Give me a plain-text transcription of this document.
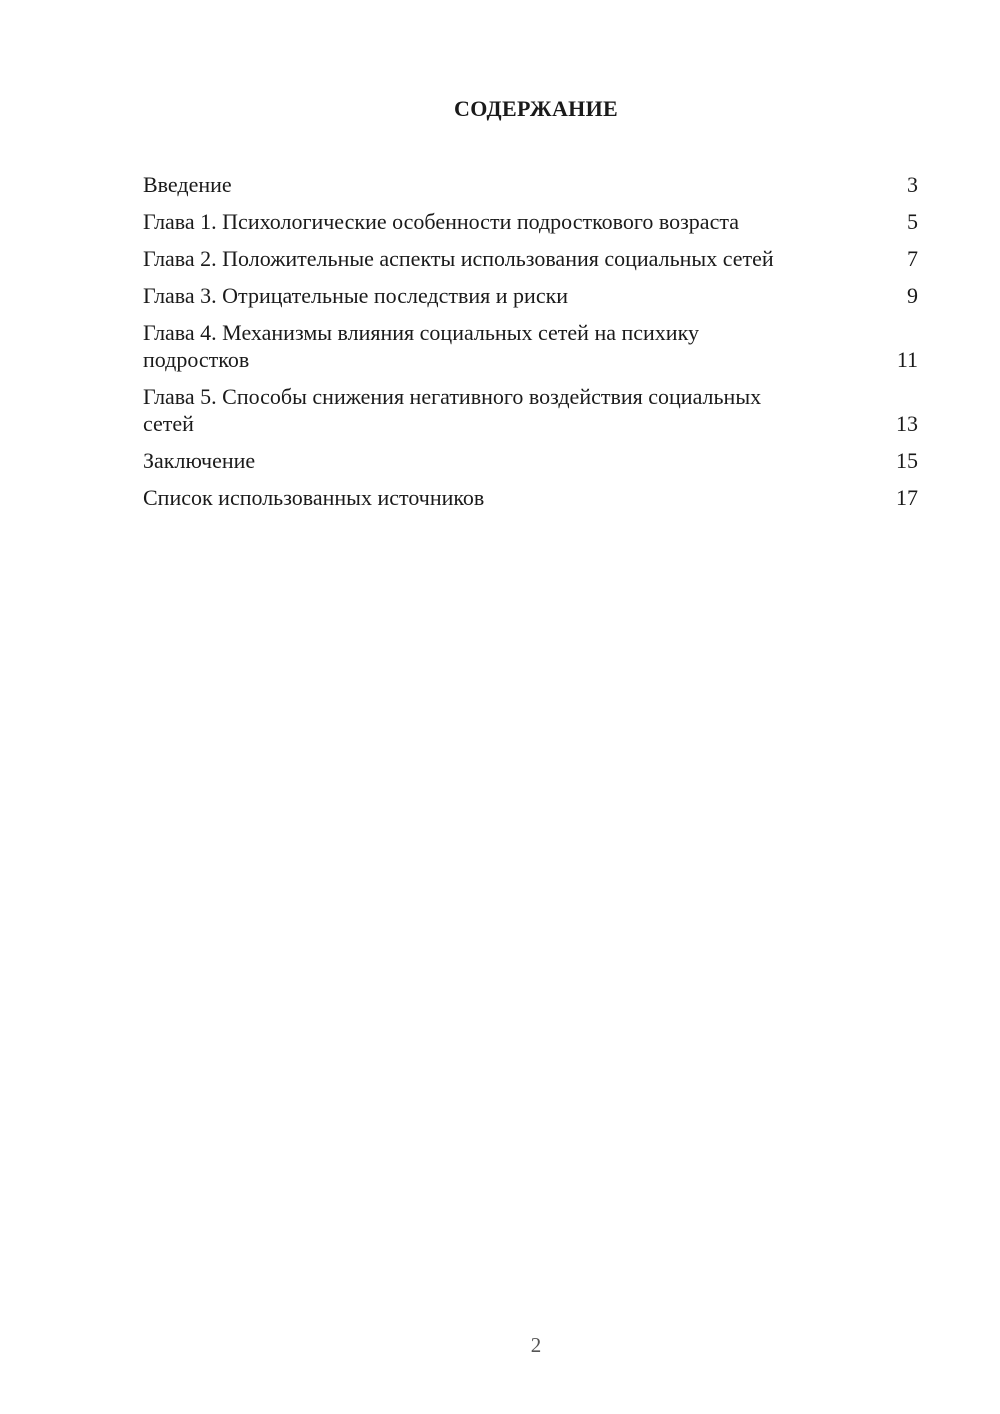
СОДЕРЖАНИЕ
Введение	3
Глава 1. Психологические особенности подросткового возраста	5
Глава 2. Положительные аспекты использования социальных сетей	7
Глава 3. Отрицательные последствия и риски	9
Глава 4. Механизмы влияния социальных сетей на психику подростков	11
Глава 5. Способы снижения негативного воздействия социальных сетей	13
Заключение	15
Список использованных источников	17
2
